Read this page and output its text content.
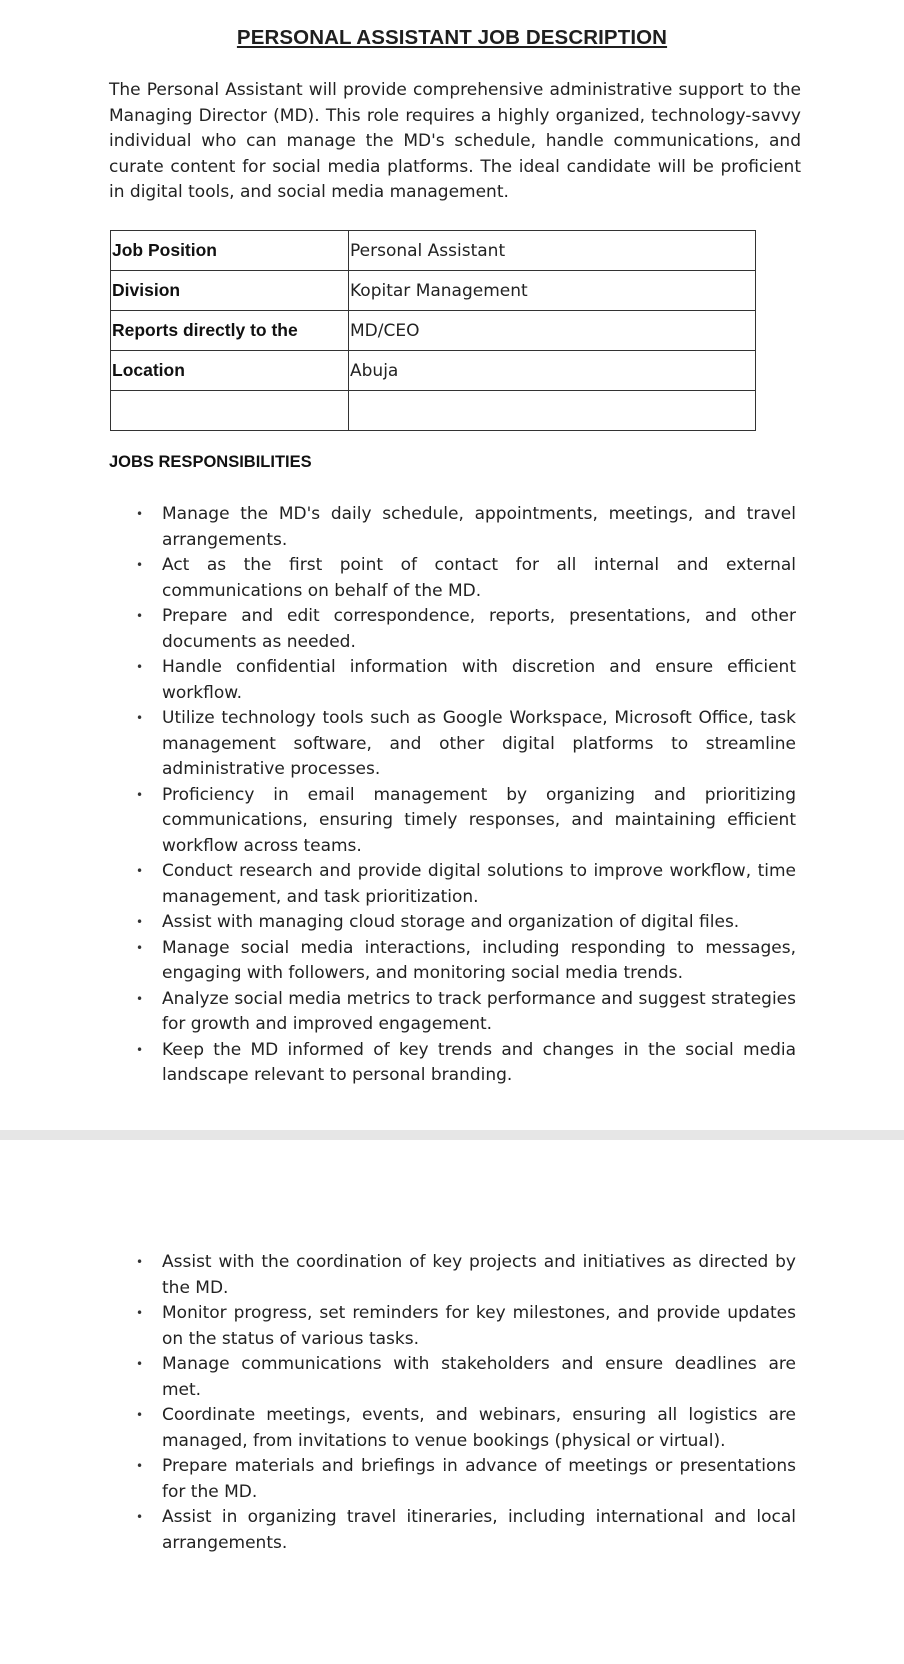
PERSONAL ASSISTANT JOB DESCRIPTION

The Personal Assistant will provide comprehensive administrative support to the Managing Director (MD). This role requires a highly organized, technology-savvy individual who can manage the MD's schedule, handle communications, and curate content for social media platforms. The ideal candidate will be proficient in digital tools, and social media management.

Job Position	Personal Assistant
Division	Kopitar Management
Reports directly to the	MD/CEO
Location	Abuja

JOBS RESPONSIBILITIES
• Manage the MD's daily schedule, appointments, meetings, and travel arrangements.
• Act as the first point of contact for all internal and external communications on behalf of the MD.
• Prepare and edit correspondence, reports, presentations, and other documents as needed.
• Handle confidential information with discretion and ensure efficient workflow.
• Utilize technology tools such as Google Workspace, Microsoft Office, task management software, and other digital platforms to streamline administrative processes.
• Proficiency in email management by organizing and prioritizing communications, ensuring timely responses, and maintaining efficient workflow across teams.
• Conduct research and provide digital solutions to improve workflow, time management, and task prioritization.
• Assist with managing cloud storage and organization of digital files.
• Manage social media interactions, including responding to messages, engaging with followers, and monitoring social media trends.
• Analyze social media metrics to track performance and suggest strategies for growth and improved engagement.
• Keep the MD informed of key trends and changes in the social media landscape relevant to personal branding.
• Assist with the coordination of key projects and initiatives as directed by the MD.
• Monitor progress, set reminders for key milestones, and provide updates on the status of various tasks.
• Manage communications with stakeholders and ensure deadlines are met.
• Coordinate meetings, events, and webinars, ensuring all logistics are managed, from invitations to venue bookings (physical or virtual).
• Prepare materials and briefings in advance of meetings or presentations for the MD.
• Assist in organizing travel itineraries, including international and local arrangements.
